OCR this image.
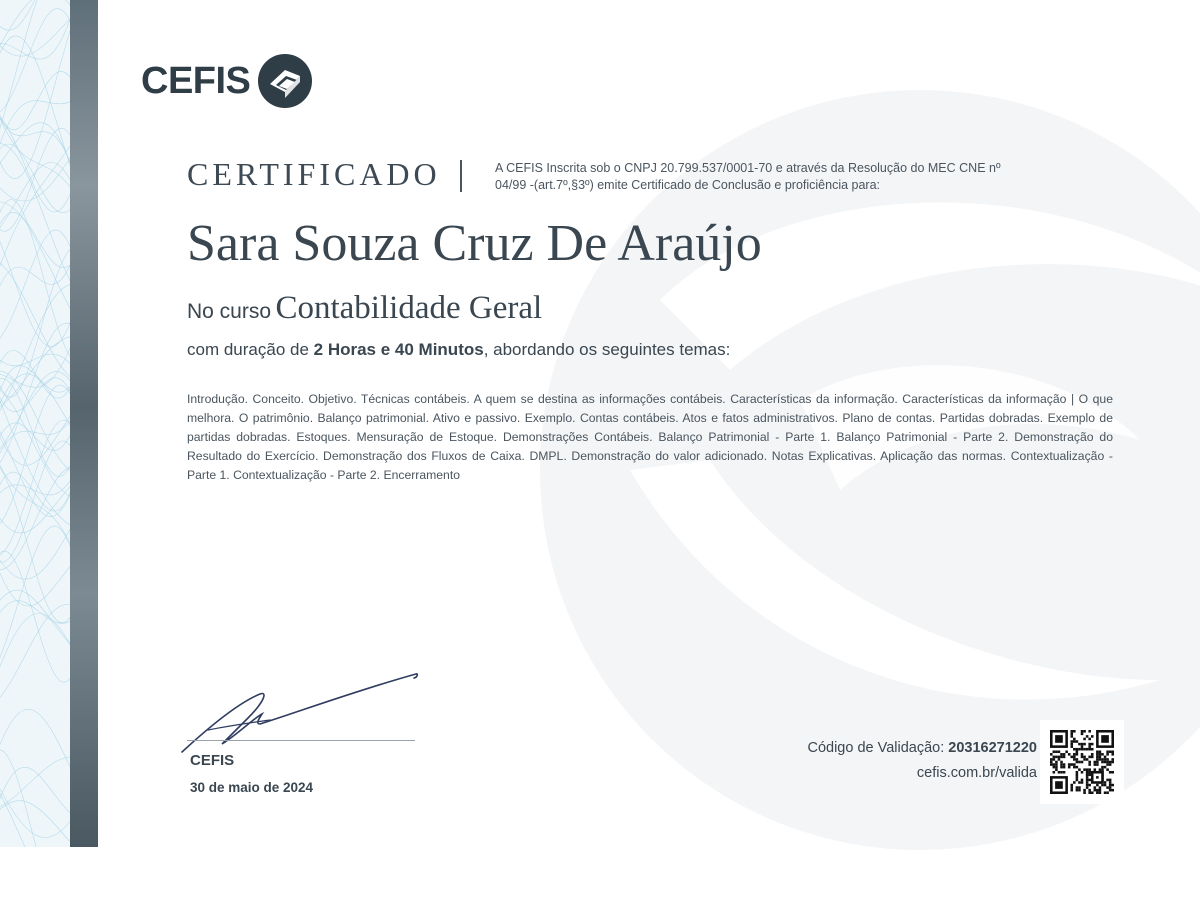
CEFIS
CERTIFICADO	A CEFIS Inscrita sob o CNPJ 20.799.537/0001-70 e através da Resolução do MEC CNE nº 04/99 -(art.7º,§3º) emite Certificado de Conclusão e proficiência para:
Sara Souza Cruz De Araújo
No curso Contabilidade Geral
com duração de 2 Horas e 40 Minutos, abordando os seguintes temas:
Introdução. Conceito. Objetivo. Técnicas contábeis. A quem se destina as informações contábeis. Características da informação. Características da informação | O que melhora. O patrimônio. Balanço patrimonial. Ativo e passivo. Exemplo. Contas contábeis. Atos e fatos administrativos. Plano de contas. Partidas dobradas. Exemplo de partidas dobradas. Estoques. Mensuração de Estoque. Demonstrações Contábeis. Balanço Patrimonial - Parte 1. Balanço Patrimonial - Parte 2. Demonstração do Resultado do Exercício. Demonstração dos Fluxos de Caixa. DMPL. Demonstração do valor adicionado. Notas Explicativas. Aplicação das normas. Contextualização - Parte 1. Contextualização - Parte 2. Encerramento
CEFIS
30 de maio de 2024
Código de Validação: 20316271220
cefis.com.br/valida
